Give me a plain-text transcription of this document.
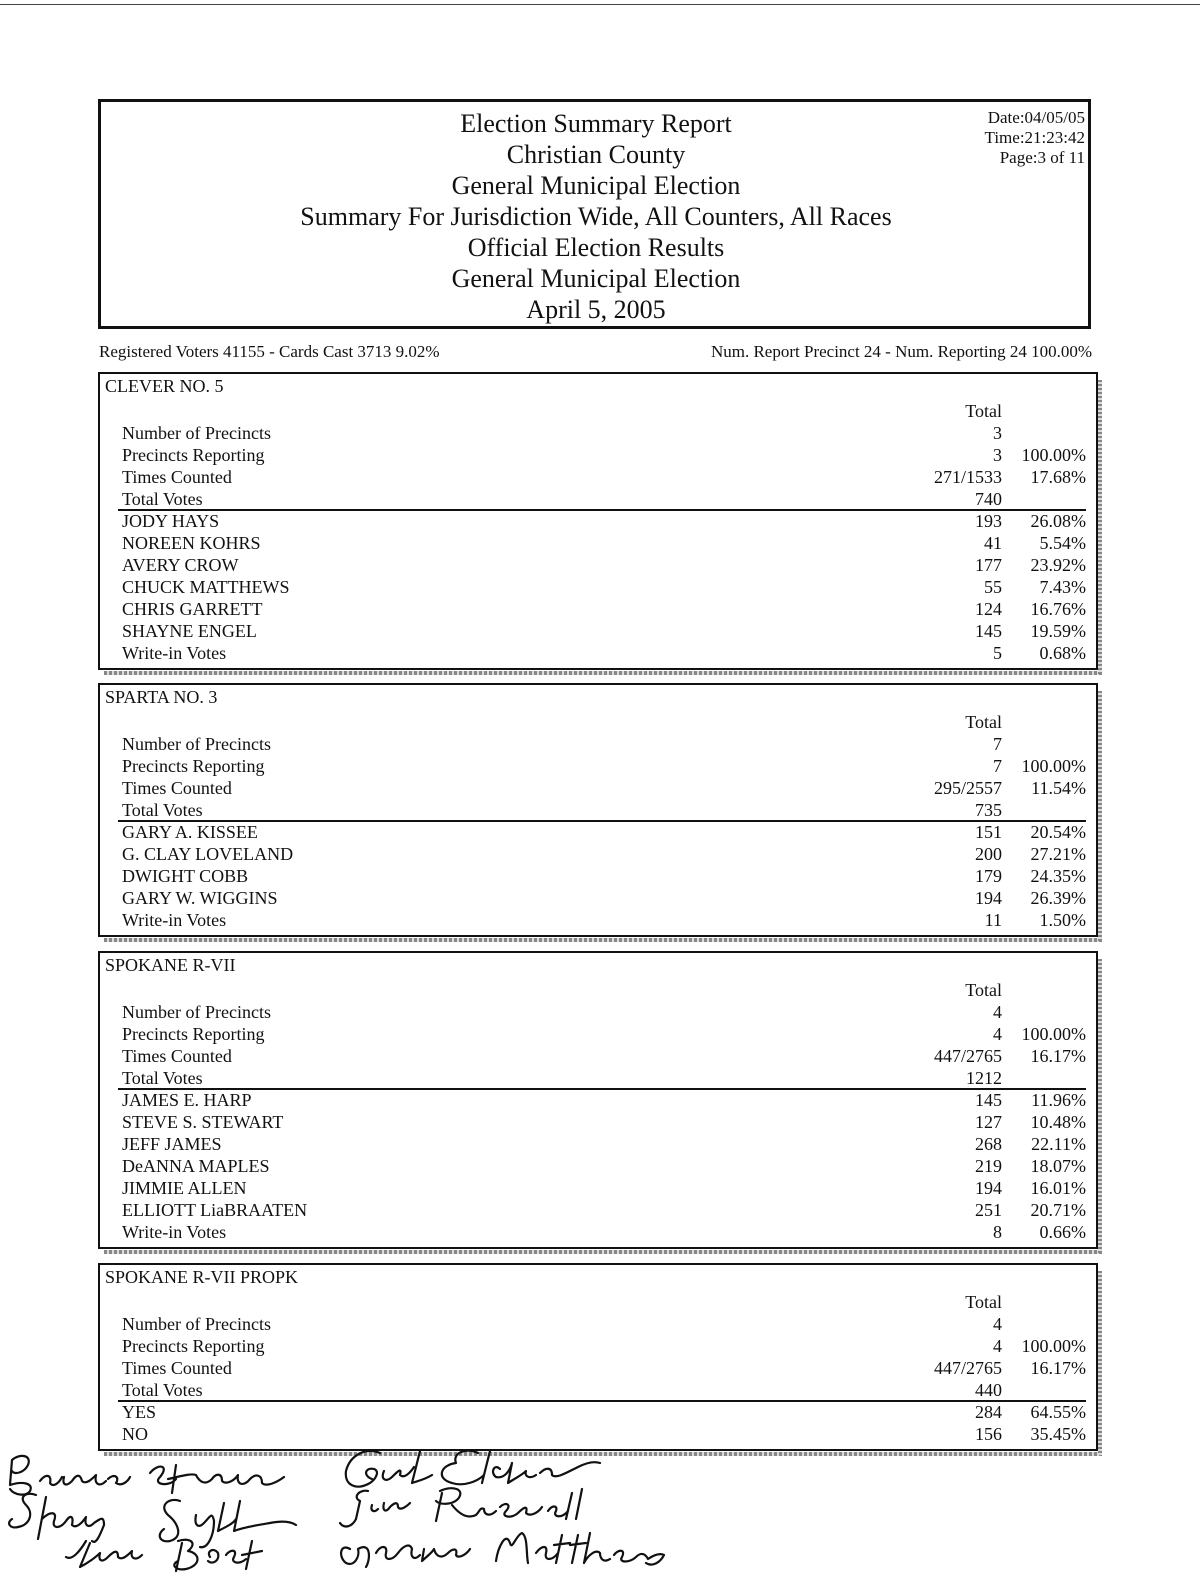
Election Summary Report
Christian County
General Municipal Election
Summary For Jurisdiction Wide, All Counters, All Races
Official Election Results
General Municipal Election
April 5, 2005
Date:04/05/05
Time:21:23:42
Page:3 of 11
Registered Voters 41155 - Cards Cast 3713 9.02%	Num. Report Precinct 24 - Num. Reporting 24 100.00%
CLEVER NO. 5
Total
Number of Precincts	3
Precincts Reporting	3 100.00%
Times Counted	271/1533 17.68%
Total Votes	740
JODY HAYS	193 26.08%
NOREEN KOHRS	41 5.54%
AVERY CROW	177 23.92%
CHUCK MATTHEWS	55 7.43%
CHRIS GARRETT	124 16.76%
SHAYNE ENGEL	145 19.59%
Write-in Votes	5 0.68%
SPARTA NO. 3
Total
Number of Precincts	7
Precincts Reporting	7 100.00%
Times Counted	295/2557 11.54%
Total Votes	735
GARY A. KISSEE	151 20.54%
G. CLAY LOVELAND	200 27.21%
DWIGHT COBB	179 24.35%
GARY W. WIGGINS	194 26.39%
Write-in Votes	11 1.50%
SPOKANE R-VII
Total
Number of Precincts	4
Precincts Reporting	4 100.00%
Times Counted	447/2765 16.17%
Total Votes	1212
JAMES E. HARP	145 11.96%
STEVE S. STEWART	127 10.48%
JEFF JAMES	268 22.11%
DeANNA MAPLES	219 18.07%
JIMMIE ALLEN	194 16.01%
ELLIOTT LiaBRAATEN	251 20.71%
Write-in Votes	8 0.66%
SPOKANE R-VII PROPK
Total
Number of Precincts	4
Precincts Reporting	4 100.00%
Times Counted	447/2765 16.17%
Total Votes	440
YES	284 64.55%
NO	156 35.45%
